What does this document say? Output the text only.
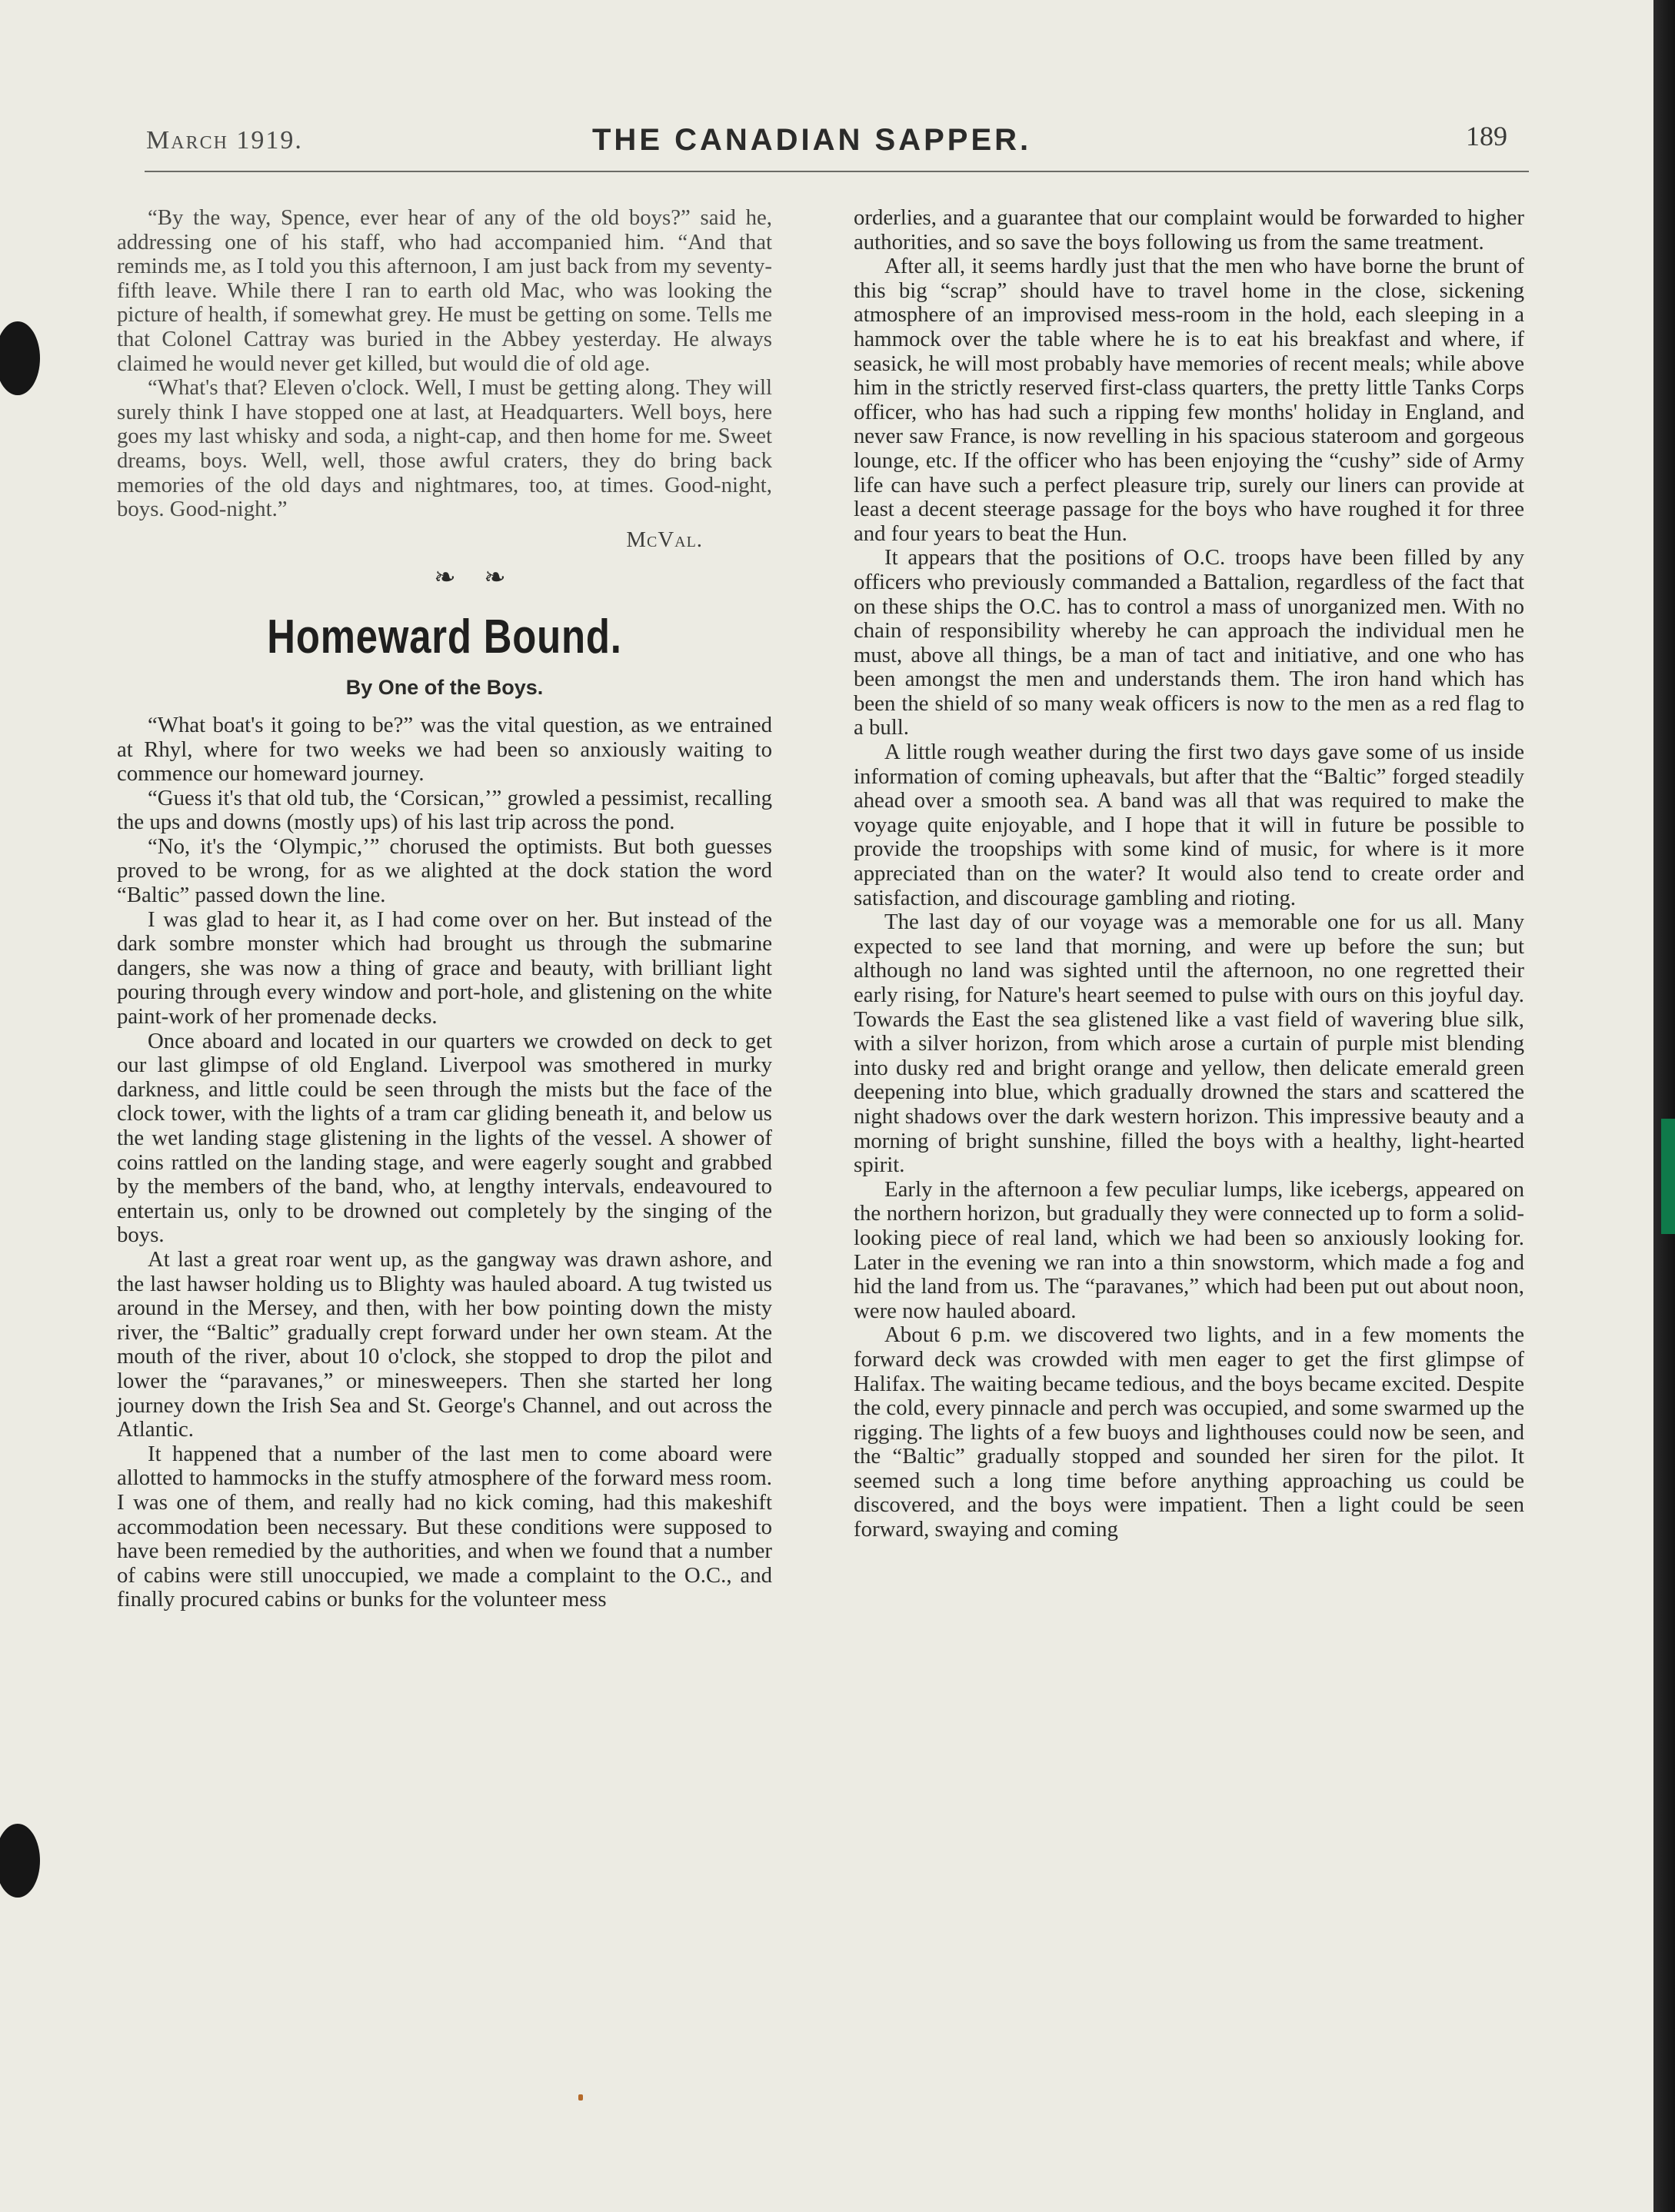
March 1919.	THE CANADIAN SAPPER.	189

“By the way, Spence, ever hear of any of the old boys?” said he, addressing one of his staff, who had accompanied him. “And that reminds me, as I told you this afternoon, I am just back from my seventy-fifth leave. While there I ran to earth old Mac, who was looking the picture of health, if somewhat grey. He must be getting on some. Tells me that Colonel Cattray was buried in the Abbey yesterday. He always claimed he would never get killed, but would die of old age.

“What's that? Eleven o'clock. Well, I must be getting along. They will surely think I have stopped one at last, at Headquarters. Well boys, here goes my last whisky and soda, a night-cap, and then home for me. Sweet dreams, boys. Well, well, those awful craters, they do bring back memories of the old days and nightmares, too, at times. Good-night, boys. Good-night.”

McVal.
❧ ❧
Homeward Bound.
By One of the Boys.

“What boat's it going to be?” was the vital question, as we entrained at Rhyl, where for two weeks we had been so anxiously waiting to commence our homeward journey.

“Guess it's that old tub, the ‘Corsican,’” growled a pessimist, recalling the ups and downs (mostly ups) of his last trip across the pond.

“No, it's the ‘Olympic,’” chorused the optimists. But both guesses proved to be wrong, for as we alighted at the dock station the word “Baltic” passed down the line.

I was glad to hear it, as I had come over on her. But instead of the dark sombre monster which had brought us through the submarine dangers, she was now a thing of grace and beauty, with brilliant light pouring through every window and port-hole, and glistening on the white paint-work of her promenade decks.

Once aboard and located in our quarters we crowded on deck to get our last glimpse of old England. Liverpool was smothered in murky darkness, and little could be seen through the mists but the face of the clock tower, with the lights of a tram car gliding beneath it, and below us the wet landing stage glistening in the lights of the vessel. A shower of coins rattled on the landing stage, and were eagerly sought and grabbed by the members of the band, who, at lengthy intervals, endeavoured to entertain us, only to be drowned out completely by the singing of the boys.

At last a great roar went up, as the gangway was drawn ashore, and the last hawser holding us to Blighty was hauled aboard. A tug twisted us around in the Mersey, and then, with her bow pointing down the misty river, the “Baltic” gradually crept forward under her own steam. At the mouth of the river, about 10 o'clock, she stopped to drop the pilot and lower the “paravanes,” or minesweepers. Then she started her long journey down the Irish Sea and St. George's Channel, and out across the Atlantic.

It happened that a number of the last men to come aboard were allotted to hammocks in the stuffy atmosphere of the forward mess room. I was one of them, and really had no kick coming, had this makeshift accommodation been necessary. But these conditions were supposed to have been remedied by the authorities, and when we found that a number of cabins were still unoccupied, we made a complaint to the O.C., and finally procured cabins or bunks for the volunteer mess

orderlies, and a guarantee that our complaint would be forwarded to higher authorities, and so save the boys following us from the same treatment.

After all, it seems hardly just that the men who have borne the brunt of this big “scrap” should have to travel home in the close, sickening atmosphere of an improvised mess-room in the hold, each sleeping in a hammock over the table where he is to eat his breakfast and where, if seasick, he will most probably have memories of recent meals; while above him in the strictly reserved first-class quarters, the pretty little Tanks Corps officer, who has had such a ripping few months' holiday in England, and never saw France, is now revelling in his spacious stateroom and gorgeous lounge, etc. If the officer who has been enjoying the “cushy” side of Army life can have such a perfect pleasure trip, surely our liners can provide at least a decent steerage passage for the boys who have roughed it for three and four years to beat the Hun.

It appears that the positions of O.C. troops have been filled by any officers who previously commanded a Battalion, regardless of the fact that on these ships the O.C. has to control a mass of unorganized men. With no chain of responsibility whereby he can approach the individual men he must, above all things, be a man of tact and initiative, and one who has been amongst the men and understands them. The iron hand which has been the shield of so many weak officers is now to the men as a red flag to a bull.

A little rough weather during the first two days gave some of us inside information of coming upheavals, but after that the “Baltic” forged steadily ahead over a smooth sea. A band was all that was required to make the voyage quite enjoyable, and I hope that it will in future be possible to provide the troopships with some kind of music, for where is it more appreciated than on the water? It would also tend to create order and satisfaction, and discourage gambling and rioting.

The last day of our voyage was a memorable one for us all. Many expected to see land that morning, and were up before the sun; but although no land was sighted until the afternoon, no one regretted their early rising, for Nature's heart seemed to pulse with ours on this joyful day. Towards the East the sea glistened like a vast field of wavering blue silk, with a silver horizon, from which arose a curtain of purple mist blending into dusky red and bright orange and yellow, then delicate emerald green deepening into blue, which gradually drowned the stars and scattered the night shadows over the dark western horizon. This impressive beauty and a morning of bright sunshine, filled the boys with a healthy, light-hearted spirit.

Early in the afternoon a few peculiar lumps, like icebergs, appeared on the northern horizon, but gradually they were connected up to form a solid-looking piece of real land, which we had been so anxiously looking for. Later in the evening we ran into a thin snowstorm, which made a fog and hid the land from us. The “paravanes,” which had been put out about noon, were now hauled aboard.

About 6 p.m. we discovered two lights, and in a few moments the forward deck was crowded with men eager to get the first glimpse of Halifax. The waiting became tedious, and the boys became excited. Despite the cold, every pinnacle and perch was occupied, and some swarmed up the rigging. The lights of a few buoys and lighthouses could now be seen, and the “Baltic” gradually stopped and sounded her siren for the pilot. It seemed such a long time before anything approaching us could be discovered, and the boys were impatient. Then a light could be seen forward, swaying and coming
